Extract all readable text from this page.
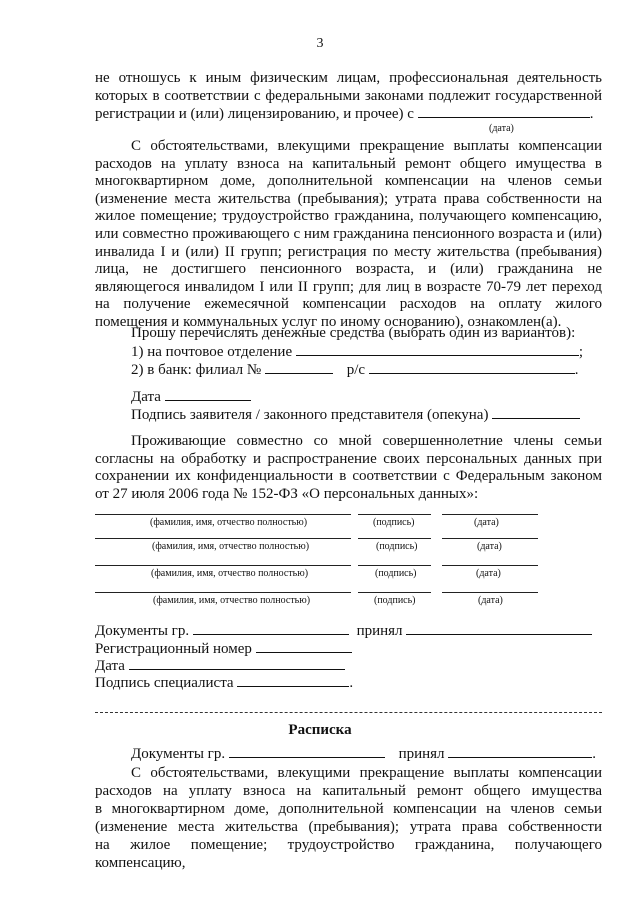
3

не отношусь к иным физическим лицам, профессиональная деятельность

которых в соответствии с федеральными законами подлежит государственной

регистрации и (или) лицензированию, и прочее) с	.

(дата)

С обстоятельствами, влекущими прекращение выплаты компенсации расходов на уплату взноса на капитальный ремонт общего имущества в многоквартирном доме, дополнительной компенсации на членов семьи (изменение места жительства (пребывания); утрата права собственности на жилое помещение; трудоустройство гражданина, получающего компенсацию, или совместно проживающего с ним гражданина пенсионного возраста и (или) инвалида I и (или) II групп; регистрация по месту жительства (пребывания) лица, не достигшего пенсионного возраста, и (или) гражданина не являющегося инвалидом I или II групп; для лиц в возрасте 70-79 лет переход на получение ежемесячной компенсации расходов на оплату жилого помещения и коммунальных услуг по иному основанию), ознакомлен(а).

Прошу перечислять денежные средства (выбрать один из вариантов):

1) на почтовое отделение	;
2) в банк: филиал №	р/с	.
Дата
Подпись заявителя / законного представителя (опекуна)

Проживающие совместно со мной совершеннолетние члены семьи согласны на обработку и распространение своих персональных данных при сохранении их конфиденциальности в соответствии с Федеральным законом от 27 июля 2006 года № 152-ФЗ «О персональных данных»:

(фамилия, имя, отчество полностью)	(подпись)	(дата)
(фамилия, имя, отчество полностью)	(подпись)	(дата)
(фамилия, имя, отчество полностью)	(подпись)	(дата)
(фамилия, имя, отчество полностью)	(подпись)	(дата)
Документы гр.	принял
Регистрационный номер
Дата
Подпись специалиста	.
Расписка
Документы гр.	принял	.

С обстоятельствами, влекущими прекращение выплаты компенсации

расходов на уплату взноса на капитальный ремонт общего имущества

в многоквартирном доме, дополнительной компенсации на членов семьи

(изменение места жительства (пребывания); утрата права собственности

на жилое помещение; трудоустройство гражданина, получающего компенсацию,
